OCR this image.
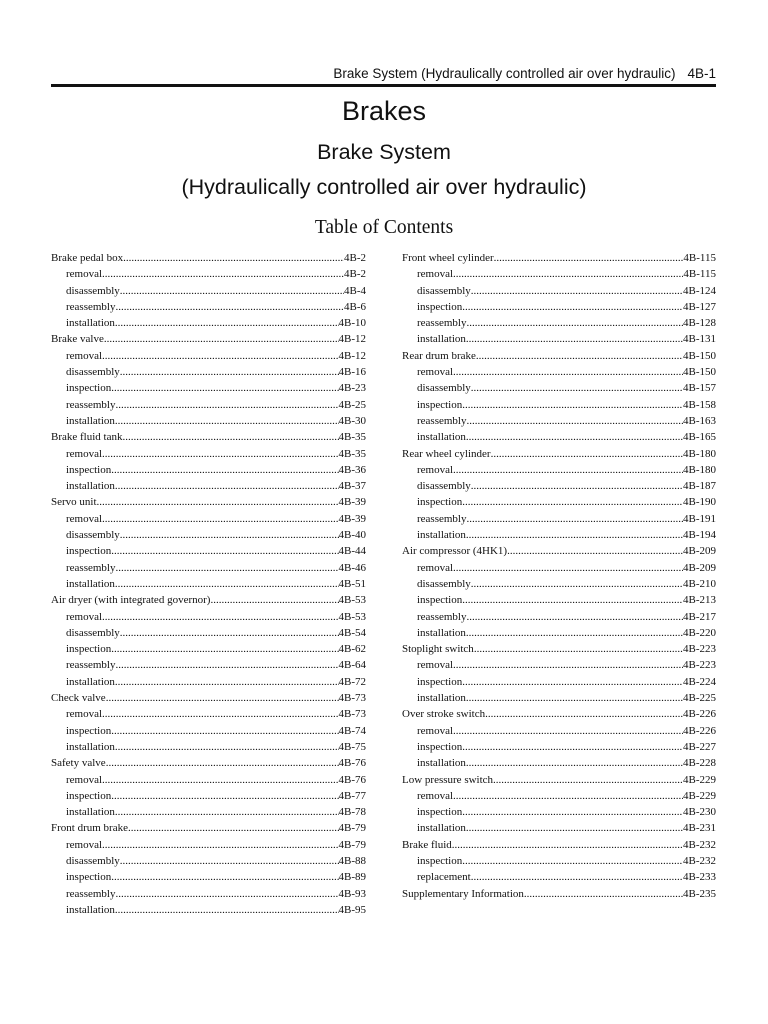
Brake System (Hydraulically controlled air over hydraulic) 4B-1
Brakes
Brake System
(Hydraulically controlled air over hydraulic)
Table of Contents
Brake pedal box .....	4B-2
removal .....	4B-2
disassembly .....	4B-4
reassembly .....	4B-6
installation .....	4B-10
Brake valve .....	4B-12
removal .....	4B-12
disassembly .....	4B-16
inspection .....	4B-23
reassembly .....	4B-25
installation .....	4B-30
Brake fluid tank .....	4B-35
removal .....	4B-35
inspection .....	4B-36
installation .....	4B-37
Servo unit .....	4B-39
removal .....	4B-39
disassembly .....	4B-40
inspection .....	4B-44
reassembly .....	4B-46
installation .....	4B-51
Air dryer (with integrated governor) .....	4B-53
removal .....	4B-53
disassembly .....	4B-54
inspection .....	4B-62
reassembly .....	4B-64
installation .....	4B-72
Check valve .....	4B-73
removal .....	4B-73
inspection .....	4B-74
installation .....	4B-75
Safety valve .....	4B-76
removal .....	4B-76
inspection .....	4B-77
installation .....	4B-78
Front drum brake .....	4B-79
removal .....	4B-79
disassembly .....	4B-88
inspection .....	4B-89
reassembly .....	4B-93
installation .....	4B-95
Front wheel cylinder .....	4B-115
removal .....	4B-115
disassembly .....	4B-124
inspection .....	4B-127
reassembly .....	4B-128
installation .....	4B-131
Rear drum brake .....	4B-150
removal .....	4B-150
disassembly .....	4B-157
inspection .....	4B-158
reassembly .....	4B-163
installation .....	4B-165
Rear wheel cylinder .....	4B-180
removal .....	4B-180
disassembly .....	4B-187
inspection .....	4B-190
reassembly .....	4B-191
installation .....	4B-194
Air compressor (4HK1) .....	4B-209
removal .....	4B-209
disassembly .....	4B-210
inspection .....	4B-213
reassembly .....	4B-217
installation .....	4B-220
Stoplight switch .....	4B-223
removal .....	4B-223
inspection .....	4B-224
installation .....	4B-225
Over stroke switch .....	4B-226
removal .....	4B-226
inspection .....	4B-227
installation .....	4B-228
Low pressure switch .....	4B-229
removal .....	4B-229
inspection .....	4B-230
installation .....	4B-231
Brake fluid .....	4B-232
inspection .....	4B-232
replacement .....	4B-233
Supplementary Information .....	4B-235
